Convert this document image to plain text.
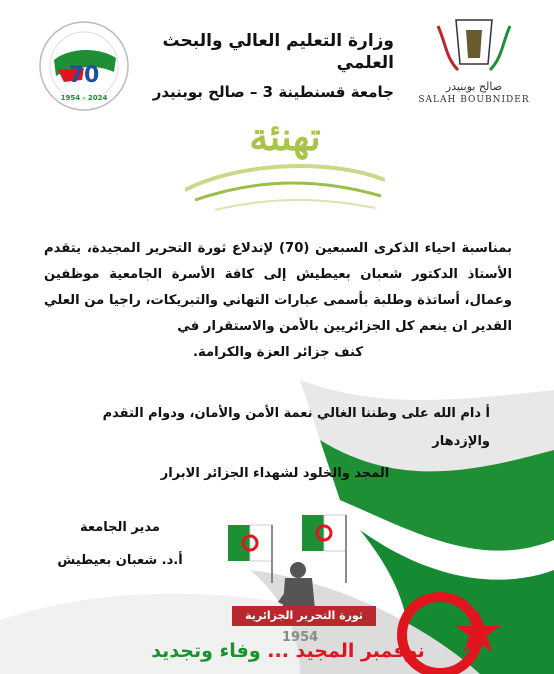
وزارة التعليم العالي والبحث العلمي
جامعة قسنطينة 3 – صالح بوبنيدر
70
1954 - 2024
صالح بوبنيدر
SALAH BOUBNIDER
تهنئة
بمناسبة احياء الذكرى السبعين (70) لإندلاع ثورة التحرير المجيدة، يتقدم الأستاذ الدكتور شعبان بعيطيش إلى كافة الأسرة الجامعية موظفين وعمال، أساتذة وطلبة بأسمى عبارات التهاني والتبريكات، راجيا من العلي القدير ان ينعم كل الجزائريين بالأمن والاستقرار في
كنف جزائر العزة والكرامة.
أ دام الله على وطننا الغالي نعمة الأمن والأمان، ودوام التقدم والإزدهار
المجد والخلود لشهداء الجزائر الابرار
مدير الجامعة
أ.د. شعبان بعيطيش
ثورة التحرير الجزائرية
1954
نوفمبر المجيد ... وفاء وتجديد
